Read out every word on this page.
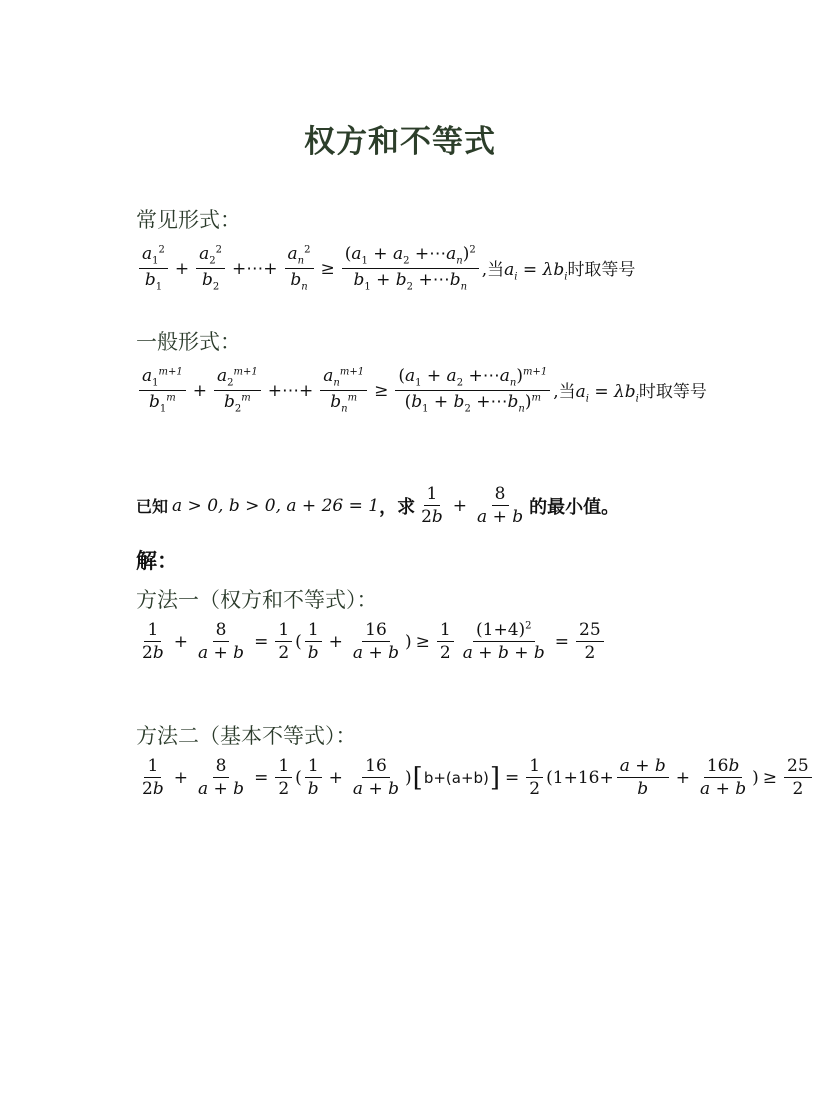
权方和不等式
常见形式：
$\frac{a_1^2}{b_1} + \frac{a_2^2}{b_2}$ +⋯+ $\frac{a_n^2}{b_n} \ge \frac{(a_1 + a_2 +\cdots a_n)^2}{b_1 + b_2 +\cdots b_n}$ ,当$a_i = \lambda b_i$时取等号
一般形式：
$\frac{a_1^{m+1}}{b_1^m} + \frac{a_2^{m+1}}{b_2^m}$ +⋯+ $\frac{a_n^{m+1}}{b_n^m} \ge \frac{(a_1 + a_2 +\cdots a_n)^{m+1}}{(b_1 + b_2 +\cdots b_n)^m}$ ,当$a_i = \lambda b_i$时取等号
已知 a > 0, b > 0, a + 26 = 1 ，求 $\frac{1}{2b} + \frac{8}{a + b}$ 的最小值。
解：
方法一（权方和不等式）：
$\frac{1}{2b} + \frac{8}{a + b} = \frac{1}{2}$ ( $\frac{1}{b} + \frac{16}{a + b}$ ) ≥ $\frac{1}{2} \frac{(1+4)^2}{a + b + b} = \frac{25}{2}$
方法二（基本不等式）：
$\frac{1}{2b} + \frac{8}{a + b} = \frac{1}{2}$ ( $\frac{1}{b} + \frac{16}{a + b}$ ) [ b+(a+b) ] = $\frac{1}{2} (1+16+ \frac{a + b}{b} + \frac{16b}{a + b}$ ) ≥ $\frac{25}{2}$
